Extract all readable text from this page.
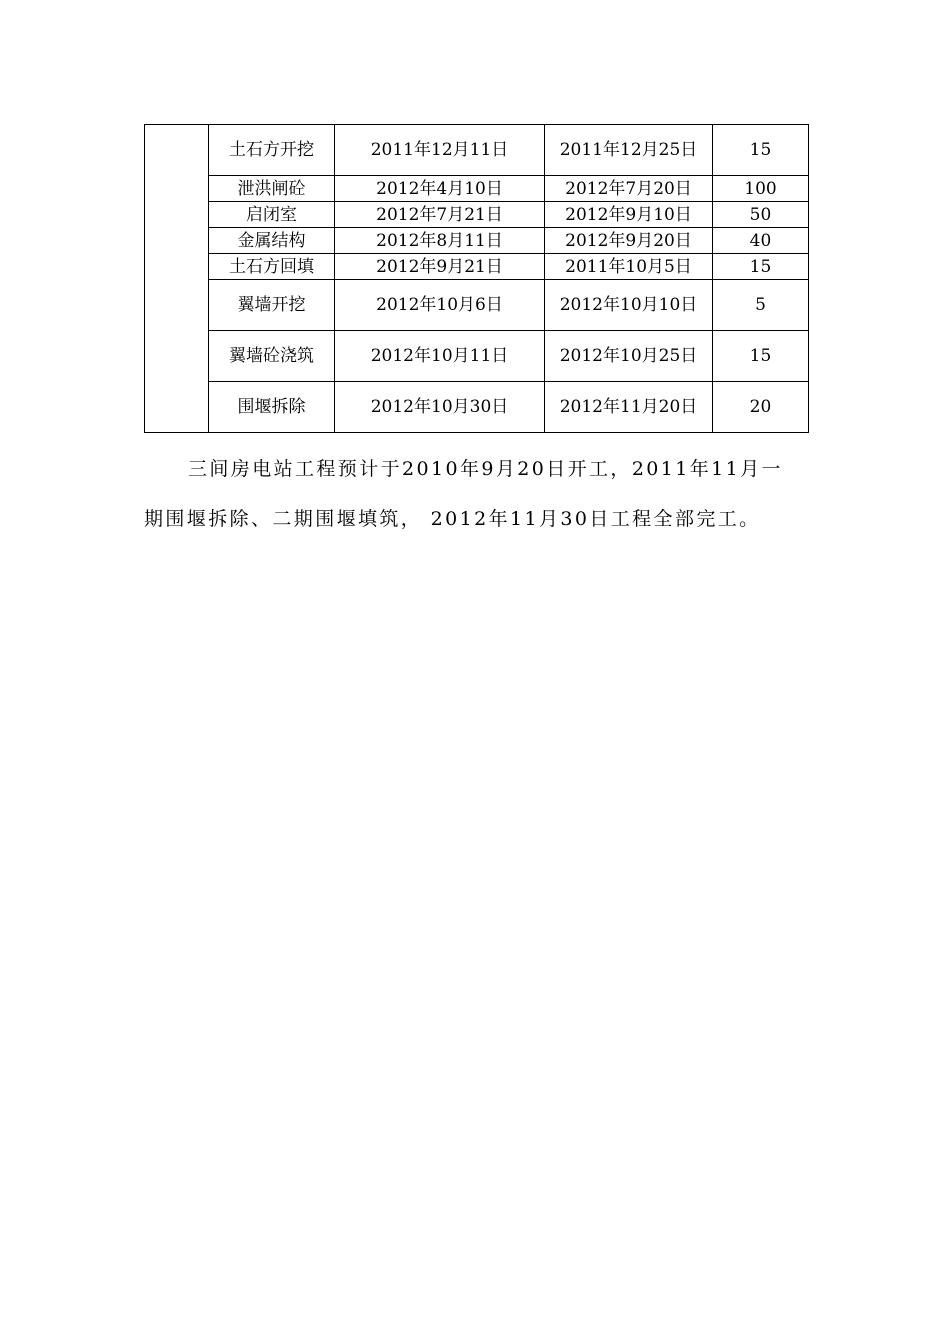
	土石方开挖	2011年12月11日	2011年12月25日	15
	泄洪闸砼	2012年4月10日	2012年7月20日	100
	启闭室	2012年7月21日	2012年9月10日	50
	金属结构	2012年8月11日	2012年9月20日	40
	土石方回填	2012年9月21日	2011年10月5日	15
	翼墙开挖	2012年10月6日	2012年10月10日	5
	翼墙砼浇筑	2012年10月11日	2012年10月25日	15
	围堰拆除	2012年10月30日	2012年11月20日	20
三间房电站工程预计于2010年9月20日开工，2011年11月一
期围堰拆除、二期围堰填筑， 2012年11月30日工程全部完工。
